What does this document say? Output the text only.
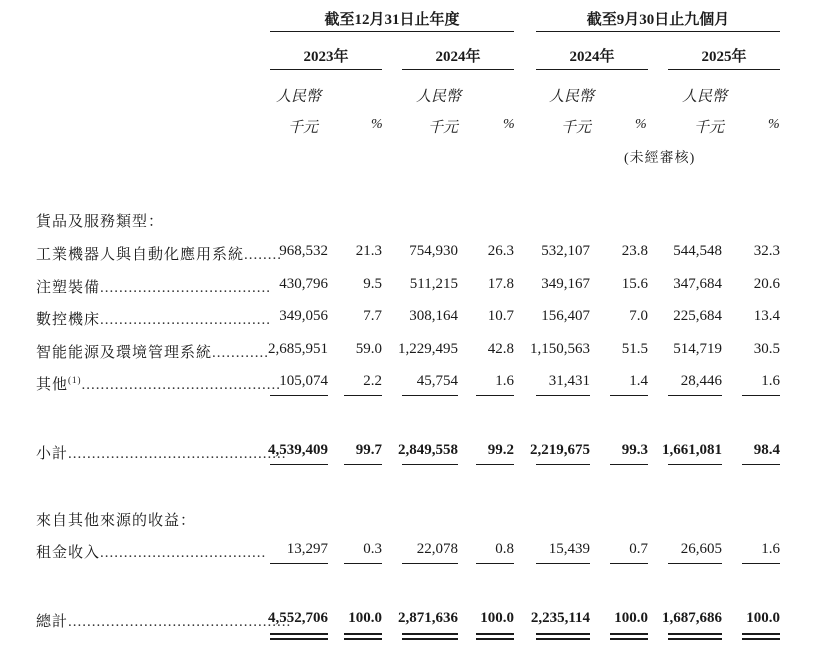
截至12月31日止年度	截至9月30日止九個月
2023年	2024年	2024年	2025年
人民幣
千元	%
人民幣
千元	%
人民幣
千元	%
人民幣
千元	%
(未經審核)
貨品及服務類型：
工業機器人與自動化應用系統........
968,532	21.3	754,930	26.3	532,107	23.8	544,548	32.3
注塑裝備.................................... 430,796	9.5	511,215	17.8	349,167	15.6	347,684	20.6
數控機床.................................... 349,056	7.7	308,164	10.7	156,407	7.0	225,684	13.4
智能能源及環境管理系統............
2,685,951	59.0 1,229,495	42.8	1,150,563	51.5	514,719	30.5
其他$^{(1)}$..........................................
105,074	2.2	45,754	1.6	31,431	1.4	28,446	1.6
小計..............................................
4,539,409	99.7 2,849,558	99.2	2,219,675	99.3 1,661,081	98.4
來自其他來源的收益：
租金收入...................................	13,297	0.3	22,078	0.8	15,439	0.7	26,605	1.6
總計...............................................
4,552,706	100.0 2,871,636	100.0	2,235,114	100.0 1,687,686	100.0
